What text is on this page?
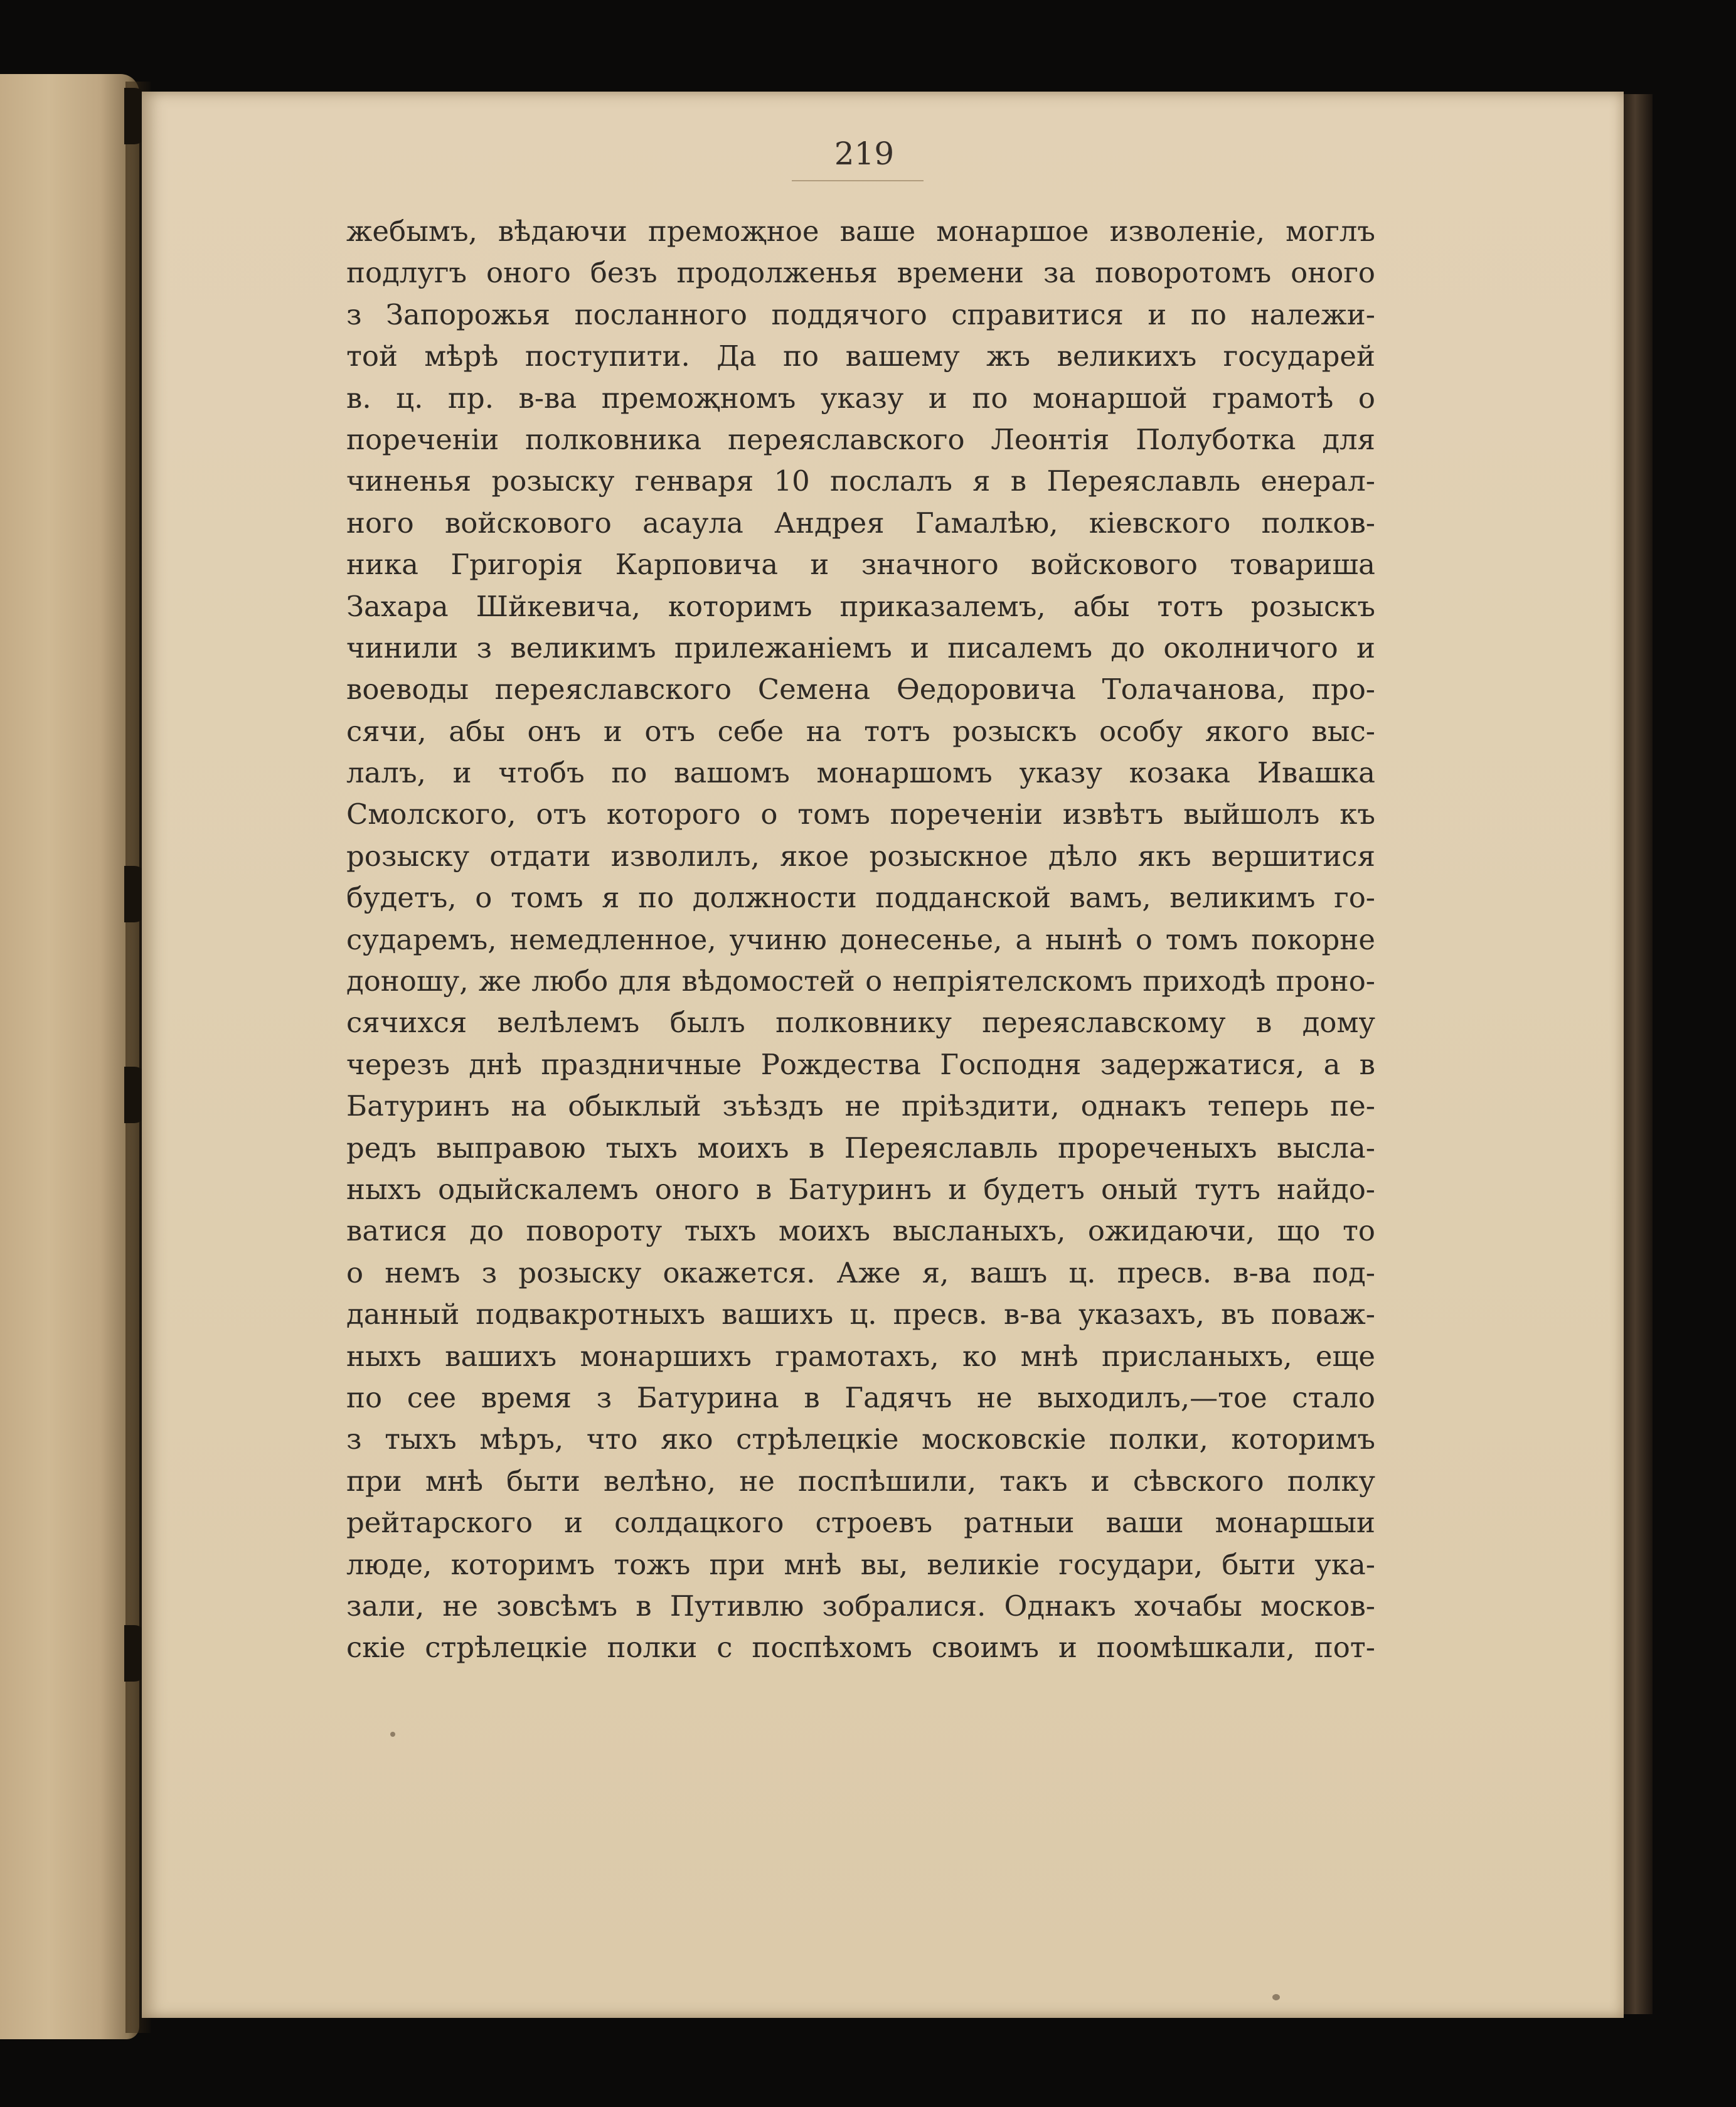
219
жебымъ, вѣдаючи премоҗное ваше монаршое изволеніе, моглъ
подлугъ оного безъ продолженья времени за поворотомъ оного
з Запорожья посланного поддячого справитися и по належи-
той мѣрѣ поступити. Да по вашему жъ великихъ государей
в. ц. пр. в-ва премоҗномъ указу и по монаршой грамотѣ о
пореченіи полковника переяславского Леонтія Полуботка для
чиненья розыску генваря 10 послалъ я в Переяславль енерал-
ного войскового асаула Андрея Гамалѣю, кіевского полков-
ника Григорія Карповича и значного войскового товариша
Захара Шйкевича, которимъ приказалемъ, абы тотъ розыскъ
чинили з великимъ прилежаніемъ и писалемъ до околничого и
воеводы переяславского Семена Өедоровича Толачанова, про-
сячи, абы онъ и отъ себе на тотъ розыскъ особу якого выс-
лалъ, и чтобъ по вашомъ монаршомъ указу козака Ивашка
Смолского, отъ которого о томъ пореченіи извѣтъ выйшолъ къ
розыску отдати изволилъ, якое розыскное дѣло якъ вершитися
будетъ, о томъ я по должности подданской вамъ, великимъ го-
сударемъ, немедленное, учиню донесенье, а нынѣ о томъ покорне
доношу, же любо для вѣдомостей о непріятелскомъ приходѣ проно-
сячихся велѣлемъ былъ полковнику переяславскому в дому
черезъ днѣ праздничные Рождества Господня задержатися, а в
Батуринъ на обыклый зъѣздъ не пріѣздити, однакъ теперь пе-
редъ выправою тыхъ моихъ в Переяславль прореченыхъ высла-
ныхъ одыйскалемъ оного в Батуринъ и будетъ оный тутъ найдо-
ватися до повороту тыхъ моихъ высланыхъ, ожидаючи, що то
о немъ з розыску окажется. Аже я, вашъ ц. пресв. в-ва под-
данный подвакротныхъ вашихъ ц. пресв. в-ва указахъ, въ поваж-
ныхъ вашихъ монаршихъ грамотахъ, ко мнѣ присланыхъ, еще
по сее время з Батурина в Гадячъ не выходилъ,—тое стало
з тыхъ мѣръ, что яко стрѣлецкіе московскіе полки, которимъ
при мнѣ быти велѣно, не поспѣшили, такъ и сѣвского полку
рейтарского и солдацкого строевъ ратныи ваши монаршыи
люде, которимъ тожъ при мнѣ вы, великіе государи, быти ука-
зали, не зовсѣмъ в Путивлю зобралися. Однакъ хочабы москов-
скіе стрѣлецкіе полки с поспѣхомъ своимъ и поомѣшкали, пот-
